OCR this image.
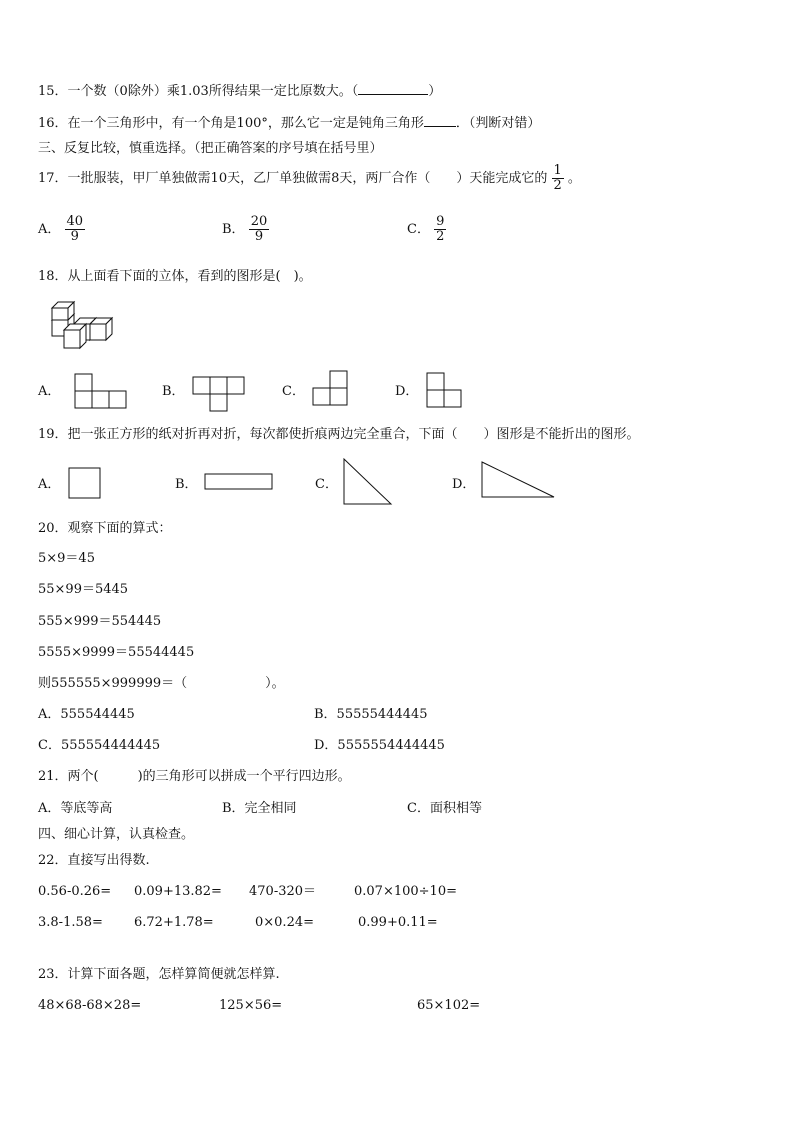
15．一个数（0除外）乘1.03所得结果一定比原数大。（	）
16．在一个三角形中，有一个角是100°，那么它一定是钝角三角形 ．（判断对错）
三、反复比较，慎重选择。（把正确答案的序号填在括号里）
17．一批服装，甲厂单独做需10天，乙厂单独做需8天，两厂合作（　　）天能完成它的 $\frac{1}{2}$ 。
A． $\frac{40}{9}$	B． $\frac{20}{9}$	C． $\frac{9}{2}$
18．从上面看下面的立体，看到的图形是(　)。
A．	B．	C．	D．
19．把一张正方形的纸对折再对折，每次都使折痕两边完全重合，下面（　　）图形是不能折出的图形。
A．	B．	C．	D．
20．观察下面的算式：
5×9＝45
55×99＝5445
555×999＝554445
5555×9999＝55544445
则555555×999999＝（　　　　　　）。
A．555544445	B．55555444445
C．555554444445	D．5555554444445
21．两个(　　　)的三角形可以拼成一个平行四边形。
A．等底等高	B．完全相同	C．面积相等
四、细心计算，认真检查。
22．直接写出得数.
0.56-0.26= 0.09+13.82= 470-320＝	0.07×100÷10=
3.8-1.58= 6.72+1.78=	0×0.24=	0.99+0.11=
23．计算下面各题，怎样算简便就怎样算.
48×68-68×28=	125×56=	65×102=
